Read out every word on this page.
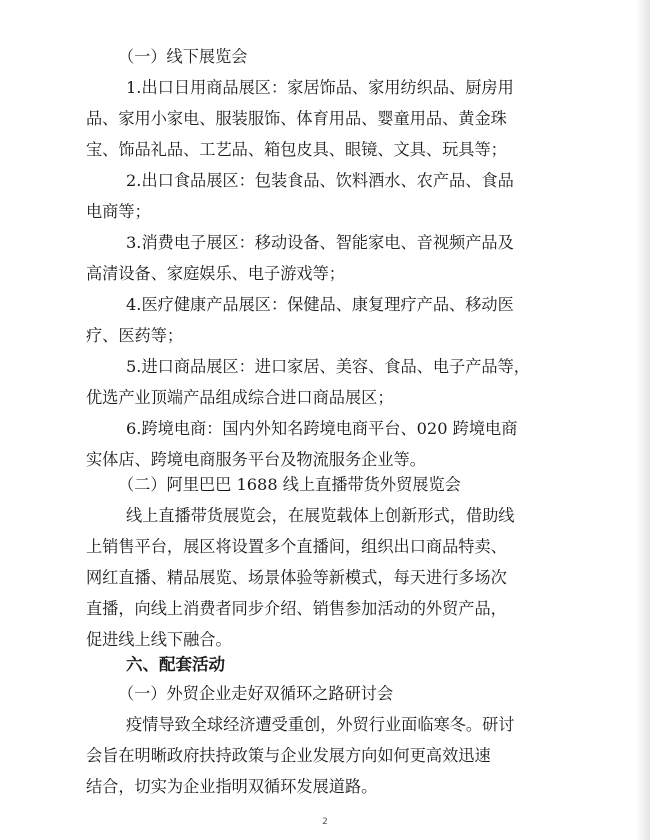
（一）线下展览会
1.出口日用商品展区：家居饰品、家用纺织品、厨房用
品、家用小家电、服装服饰、体育用品、婴童用品、黄金珠
宝、饰品礼品、工艺品、箱包皮具、眼镜、文具、玩具等；
2.出口食品展区：包装食品、饮料酒水、农产品、食品
电商等；
3.消费电子展区：移动设备、智能家电、音视频产品及
高清设备、家庭娱乐、电子游戏等；
4.医疗健康产品展区：保健品、康复理疗产品、移动医
疗、医药等；
5.进口商品展区：进口家居、美容、食品、电子产品等，
优选产业顶端产品组成综合进口商品展区；
6.跨境电商：国内外知名跨境电商平台、020 跨境电商
实体店、跨境电商服务平台及物流服务企业等。
（二）阿里巴巴 1688 线上直播带货外贸展览会
线上直播带货展览会，在展览载体上创新形式，借助线
上销售平台，展区将设置多个直播间，组织出口商品特卖、
网红直播、精品展览、场景体验等新模式，每天进行多场次
直播，向线上消费者同步介绍、销售参加活动的外贸产品，
促进线上线下融合。
六、配套活动
（一）外贸企业走好双循环之路研讨会
疫情导致全球经济遭受重创，外贸行业面临寒冬。研讨
会旨在明晰政府扶持政策与企业发展方向如何更高效迅速
结合，切实为企业指明双循环发展道路。
2
